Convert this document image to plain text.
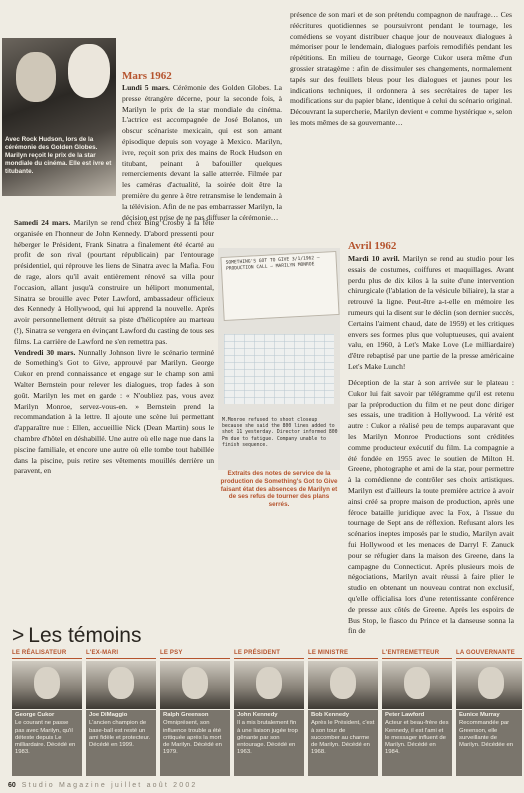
Avec Rock Hudson, lors de la cérémonie des Golden Globes. Marilyn reçoit le prix de la star mondiale du cinéma. Elle est ivre et titubante.
Mars 1962
Lundi 5 mars. Cérémonie des Golden Globes. La presse étrangère décerne, pour la seconde fois, à Marilyn le prix de la star mondiale du cinéma. L'actrice est accompagnée de José Bolanos, un obscur scénariste mexicain, qui est son amant épisodique depuis son voyage à Mexico. Marilyn, ivre, reçoit son prix des mains de Rock Hudson en titubant, peinant à bafouiller quelques remerciements devant la salle atterrée. Filmée par les caméras d'actualité, la soirée doit être la première du genre à être retransmise le lendemain à la télévision. Afin de ne pas embarrasser Marilyn, la décision est prise de ne pas diffuser la cérémonie…

Samedi 24 mars. Marilyn se rend chez Bing Crosby à la fête organisée en l'honneur de John Kennedy. D'abord pressenti pour héberger le Président, Frank Sinatra a finalement été écarté au profit de son rival (pourtant républicain) par l'entourage présidentiel, qui réprouve les liens de Sinatra avec la Mafia. Fou de rage, alors qu'il avait entièrement rénové sa villa pour l'occasion, allant jusqu'à construire un héliport monumental, Sinatra se brouille avec Peter Lawford, ambassadeur officieux des Kennedy à Hollywood, qui lui apprend la nouvelle. Après avoir personnellement détruit sa piste d'hélicoptère au marteau (!), Sinatra se vengera en évinçant Lawford du casting de tous ses films. La carrière de Lawford ne s'en remettra pas.

Vendredi 30 mars. Nunnally Johnson livre le scénario terminé de Something's Got to Give, approuvé par Marilyn. George Cukor en prend connaissance et engage sur le champ son ami Walter Bernstein pour relever les dialogues, trop fades à son goût. Marilyn les met en garde : « N'oubliez pas, vous avez Marilyn Monroe, servez-vous-en. » Bernstein prend la recommandation à la lettre. Il ajoute une scène lui permettant d'apparaître nue : Ellen, accueillie Nick (Dean Martin) sous le chambre d'hôtel en déshabillé. Une autre où elle nage nue dans la piscine familiale, et encore une autre où elle tombe tout habillée dans la piscine, puis retire ses vêtements mouillés derrière un paravent, en

présence de son mari et de son prétendu compagnon de naufrage… Ces réécritures quotidiennes se poursuivront pendant le tournage, les comédiens se voyant distribuer chaque jour de nouveaux dialogues à mémoriser pour le lendemain, dialogues parfois remodifiés pendant les répétitions. En milieu de tournage, George Cukor usera même d'un grossier stratagème : afin de dissimuler ses changements, normalement tapés sur des feuillets bleus pour les dialogues et jaunes pour les indications techniques, il ordonnera à ses secrétaires de taper les modifications sur du papier blanc, identique à celui du scénario original. Découvrant la supercherie, Marilyn devient « comme hystérique », selon les mots mêmes de sa gouvernante…
Avril 1962
Mardi 10 avril. Marilyn se rend au studio pour les essais de costumes, coiffures et maquillages. Avant perdu plus de dix kilos à la suite d'une intervention chirurgicale (l'ablation de la vésicule biliaire), la star a retrouvé la ligne. Peut-être a-t-elle en mémoire les rumeurs qui la disent sur le déclin (son dernier succès, Certains l'aiment chaud, date de 1959) et les critiques envers ses formes plus que voluptueuses, qui avaient valu, en 1960, à Let's Make Love (Le milliardaire) d'être rebaptisé par une partie de la presse américaine Let's Make Lunch!
Déception de la star à son arrivée sur le plateau : Cukor lui fait savoir par télégramme qu'il est retenu par la préproduction du film et ne peut donc diriger ses essais, une tradition à Hollywood. La vérité est autre : Cukor a réalisé peu de temps auparavant que les Marilyn Monroe Productions sont créditées comme producteur exécutif du film. La compagnie a été fondée en 1955 avec le soutien de Milton H. Greene, photographe et ami de la star, pour permettre à la comédienne de contrôler ses choix artistiques. Marilyn est d'ailleurs la toute première actrice à avoir ainsi créé sa propre maison de production, après une féroce bataille juridique avec la Fox, à l'issue du tournage de Sept ans de réflexion. Refusant alors les scénarios ineptes imposés par le studio, Marilyn avait fui Hollywood et les menaces de Darryl F. Zanuck pour se réfugier dans la maison des Greene, dans la campagne du Connecticut. Après plusieurs mois de négociations, Marilyn avait réussi à faire plier le studio en obtenant un nouveau contrat non exclusif, qu'elle officialisa lors d'une retentissante conférence de presse aux côtés de Greene. Après les espoirs de Bus Stop, le fiasco du Prince et la danseuse sonna la fin de
SOMETHING'S GOT TO GIVE 3/1/1962 — PRODUCTION CALL — MARILYN MONROE
M.Monroe refused to shoot closeup because she said the 800 lines added to shot 11 yesterday. Director informed 800 Pm due to fatigue. Company unable to finish sequence.
Extraits des notes de service de la production de Something's Got to Give faisant état des absences de Marilyn et de ses refus de tourner des plans serrés.
> Les témoins
LE RÉALISATEUR
George Cukor
Le courant ne passe pas avec Marilyn, qu'il déteste depuis Le milliardaire. Décédé en 1983.
L'EX-MARI
Joe DiMaggio
L'ancien champion de base-ball est resté un ami fidèle et protecteur. Décédé en 1999.
LE PSY
Ralph Greenson
Omniprésent, son influence trouble a été critiquée après la mort de Marilyn. Décédé en 1979.
LE PRÉSIDENT
John Kennedy
Il a mis brutalement fin à une liaison jugée trop gênante par son entourage. Décédé en 1963.
LE MINISTRE
Bob Kennedy
Après le Président, c'est à son tour de succomber au charme de Marilyn. Décédé en 1968.
L'ENTREMETTEUR
Peter Lawford
Acteur et beau-frère des Kennedy, il est l'ami et le messager influent de Marilyn. Décédé en 1984.
LA GOUVERNANTE
Eunice Murray
Recommandée par Greenson, elle surveillante de Marilyn. Décédée en
60 Studio Magazine juillet août 2002
